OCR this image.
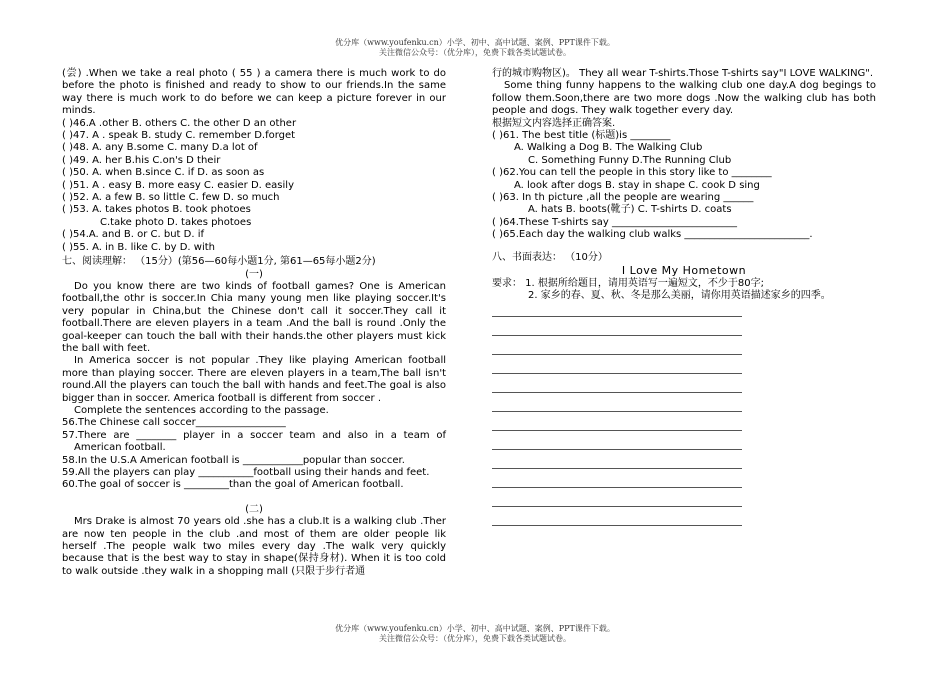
优分库（www.youfenku.cn）小学、初中、高中试题、案例、PPT课件下载。
关注微信公众号：（优分库），免费下载各类试题试卷。

(尝) .When we take a real photo ( 55 ) a camera there is much work to do before the photo is finished and ready to show to our friends.In the same way there is much work to do before we can keep a picture forever in our minds.

( )46.A .other B. others C. the other D an other
( )47. A . speak B. study C. remember D.forget
( )48. A. any B.some C. many D.a lot of
( )49. A. her B.his C.on's D their
( )50. A. when B.since C. if D. as soon as
( )51. A . easy B. more easy C. easier D. easily
( )52. A. a few B. so little C. few D. so much
( )53. A. takes photos B. took photoes
C.take photo D. takes photoes
( )54.A. and B. or C. but D. if
( )55. A. in B. like C. by D. with
七、阅读理解： （15分）(第56—60每小题1分, 第61—65每小题2分)
(一)

Do you know there are two kinds of football games? One is American football,the othr is soccer.In Chia many young men like playing soccer.It's very popular in China,but the Chinese don't call it soccer.They call it football.There are eleven players in a team .And the ball is round .Only the goal-keeper can touch the ball with their hands.the other players must kick the ball with feet.

In America soccer is not popular .They like playing American football more than playing soccer. There are eleven players in a team,The ball isn't round.All the players can touch the ball with hands and feet.The goal is also bigger than in soccer. America football is different from soccer .

Complete the sentences according to the passage.

56.The Chinese call soccer__________________
57.There are ________ player in a soccer team and also in a team of American football.
58.In the U.S.A American football is ____________popular than soccer.
59.All the players can play ___________football using their hands and feet.
60.The goal of soccer is _________than the goal of American football.
(二)

Mrs Drake is almost 70 years old .she has a club.It is a walking club .Ther are now ten people in the club .and most of them are older people lik herself .The people walk two miles every day .The walk very quickly because that is the best way to stay in shape(保持身材). When it is too cold to walk outside .they walk in a shopping mall (只限于步行者通

行的城市购物区)。 They all wear T-shirts.Those T-shirts say"I LOVE WALKING".

Some thing funny happens to the walking club one day.A dog begings to follow them.Soon,there are two more dogs .Now the walking club has both people and dogs. They walk together every day.

根据短文内容选择正确答案.
( )61. The best title (标题)is ________
A. Walking a Dog B. The Walking Club
C. Something Funny D.The Running Club
( )62.You can tell the people in this story like to ________
A. look after dogs B. stay in shape C. cook D sing
( )63. In th picture ,all the people are wearing ______
A. hats B. boots(靴子) C. T-shirts D. coats
( )64.These T-shirts say _________________________
( )65.Each day the walking club walks _________________________.
八、书面表达： （10分）
I Love My Hometown
要求： 1. 根据所给题目，请用英语写一遍短文，不少于80字;
2. 家乡的春、夏、秋、冬是那么美丽，请你用英语描述家乡的四季。
优分库（www.youfenku.cn）小学、初中、高中试题、案例、PPT课件下载。
关注微信公众号：（优分库），免费下载各类试题试卷。
